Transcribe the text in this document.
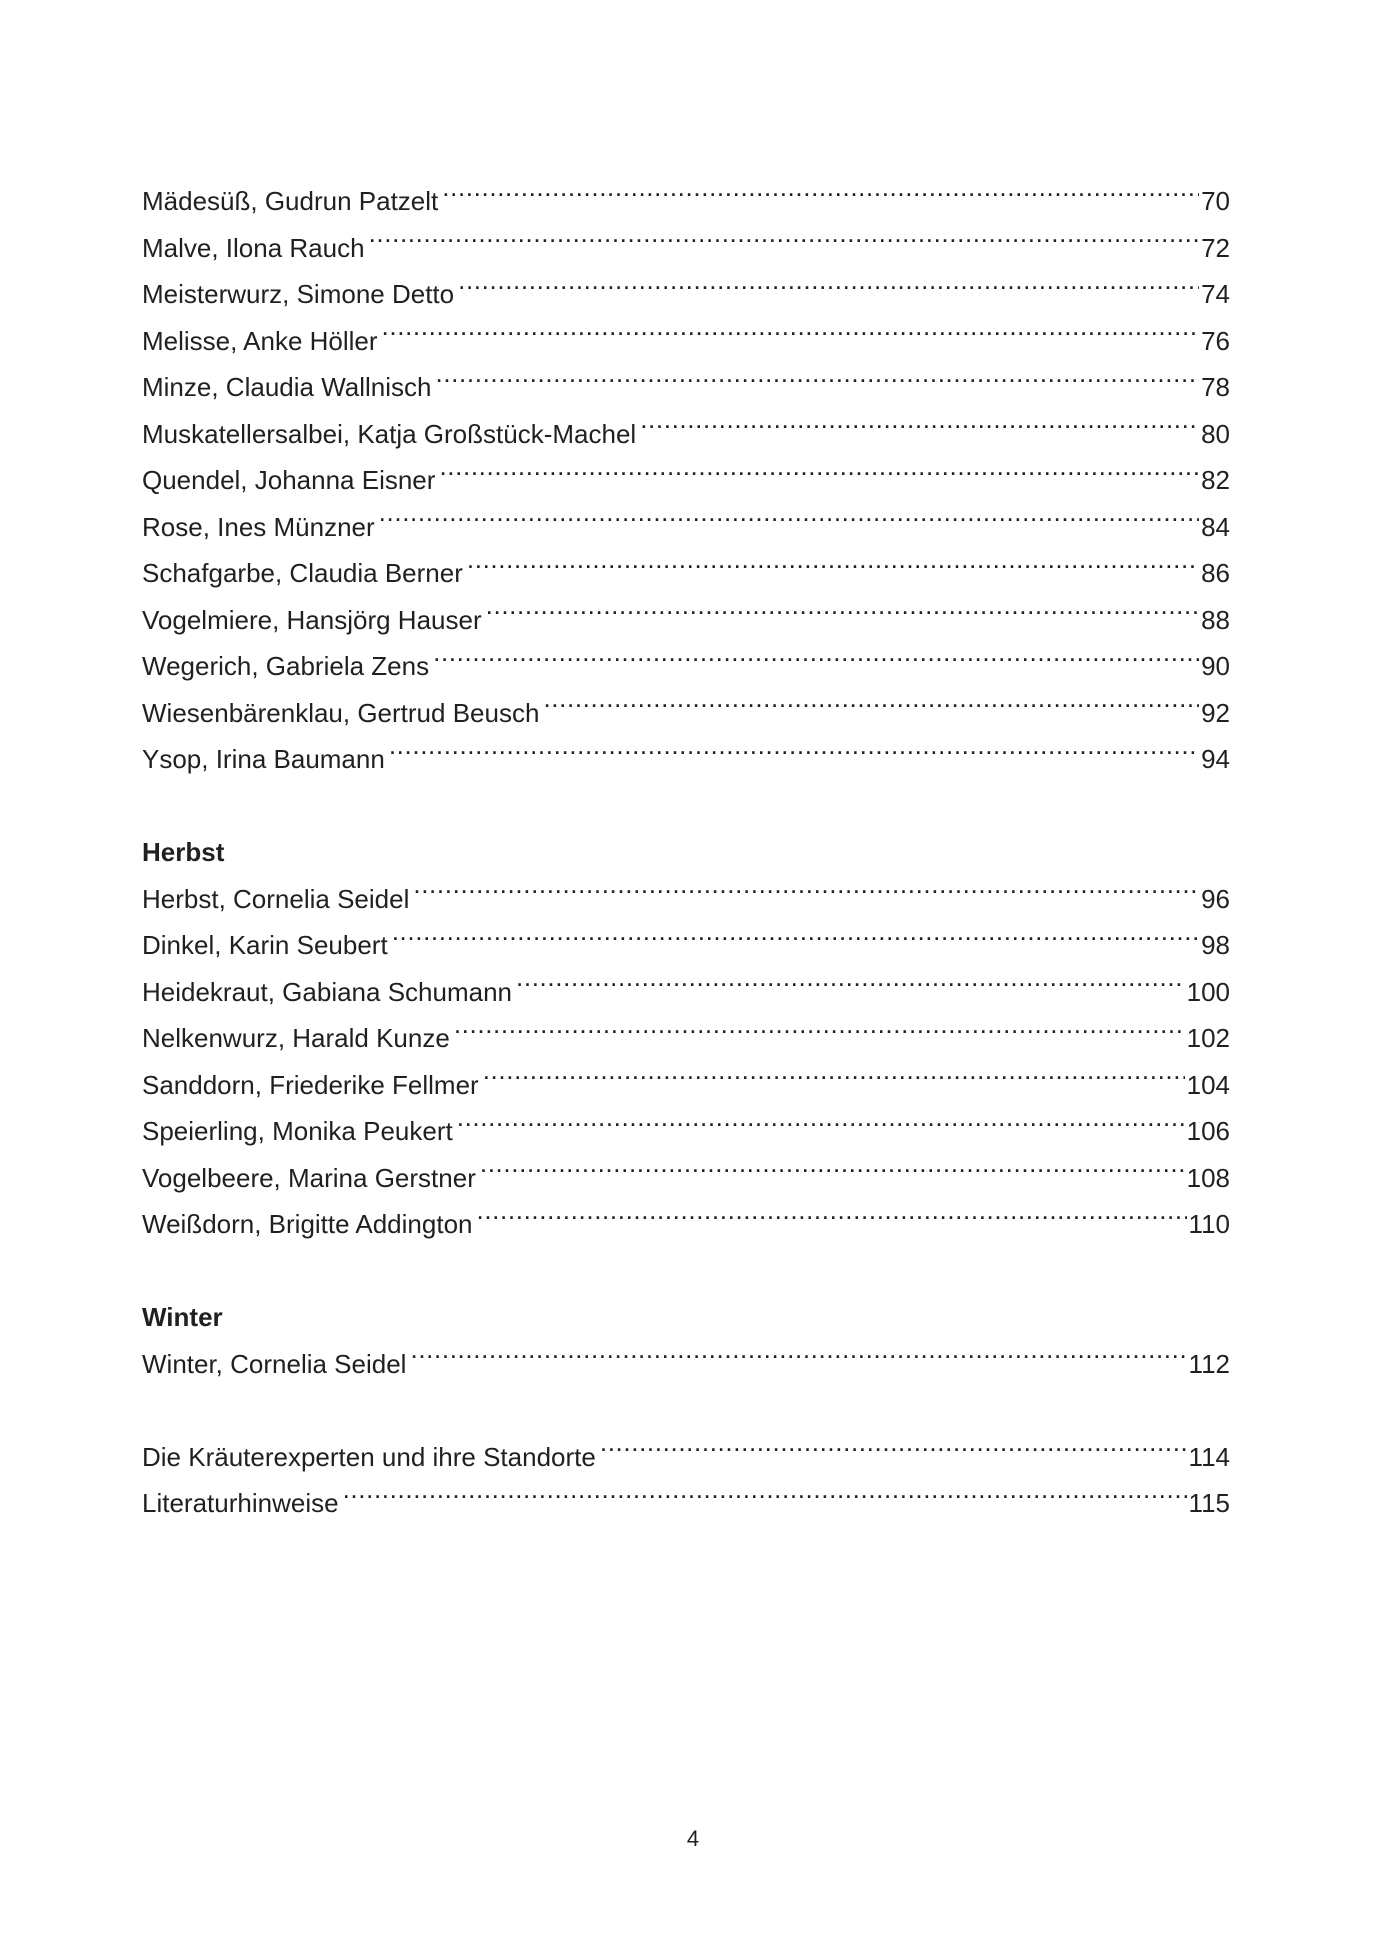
Mädesüß, Gudrun Patzelt . . .	70
Malve, Ilona Rauch . . .	72
Meisterwurz, Simone Detto . . .	74
Melisse, Anke Höller . . .	76
Minze, Claudia Wallnisch . . .	78
Muskatellersalbei, Katja Großstück-Machel . . .	80
Quendel, Johanna Eisner . . .	82
Rose, Ines Münzner . . .	84
Schafgarbe, Claudia Berner . . .	86
Vogelmiere, Hansjörg Hauser . . .	88
Wegerich, Gabriela Zens . . .	90
Wiesenbärenklau, Gertrud Beusch . . .	92
Ysop, Irina Baumann . . .	94
Herbst
Herbst, Cornelia Seidel . . .	96
Dinkel, Karin Seubert . . .	98
Heidekraut, Gabiana Schumann . . .	100
Nelkenwurz, Harald Kunze . . .	102
Sanddorn, Friederike Fellmer . . .	104
Speierling, Monika Peukert . . .	106
Vogelbeere, Marina Gerstner . . .	108
Weißdorn, Brigitte Addington . . .	110
Winter
Winter, Cornelia Seidel . . .	112
Die Kräuterexperten und ihre Standorte . . .	114
Literaturhinweise . . .	115
4
